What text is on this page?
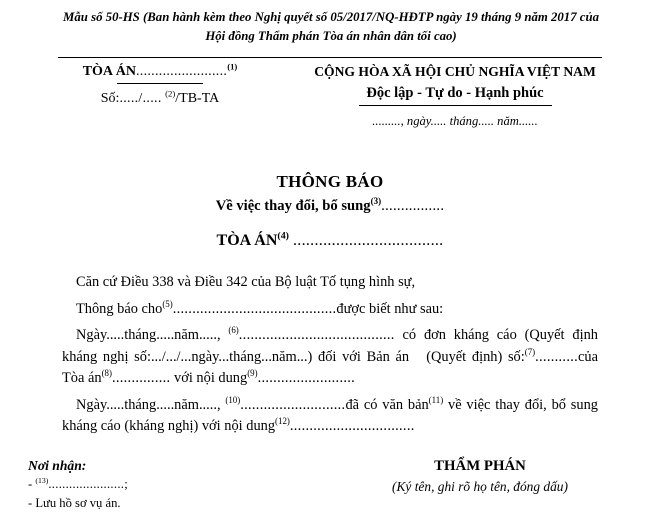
Mẫu số 50-HS (Ban hành kèm theo Nghị quyết số 05/2017/NQ-HĐTP ngày 19 tháng 9 năm 2017 của
Hội đồng Thẩm phán Tòa án nhân dân tối cao)
TÒA ÁN........................$^{(1)}$
Số:...../..... $^{(2)}$/TB-TA
CỘNG HÒA XÃ HỘI CHỦ NGHĨA VIỆT NAM
Độc lập - Tự do - Hạnh phúc
........., ngày..... tháng..... năm......
THÔNG BÁO
Về việc thay đổi, bổ sung$^{(3)}$................
TÒA ÁN$^{(4)}$ ...................................

Căn cứ Điều 338 và Điều 342 của Bộ luật Tố tụng hình sự,

Thông báo cho$^{(5)}$..........................................được biết như sau:

Ngày.....tháng.....năm....., $^{(6)}$........................................ có đơn kháng cáo (Quyết định kháng nghị số:.../.../...ngày...tháng...năm...) đối với Bản án (Quyết định) số:$^{(7)}$...........của Tòa án$^{(8)}$............... với nội dung$^{(9)}$.........................

Ngày.....tháng.....năm....., $^{(10)}$...........................đã có văn bản$^{(11)}$ về việc thay đổi, bổ sung kháng cáo (kháng nghị) với nội dung$^{(12)}$................................

Nơi nhận:
- $^{(13)}$......................;
- Lưu hồ sơ vụ án.
THẨM PHÁN
(Ký tên, ghi rõ họ tên, đóng dấu)
